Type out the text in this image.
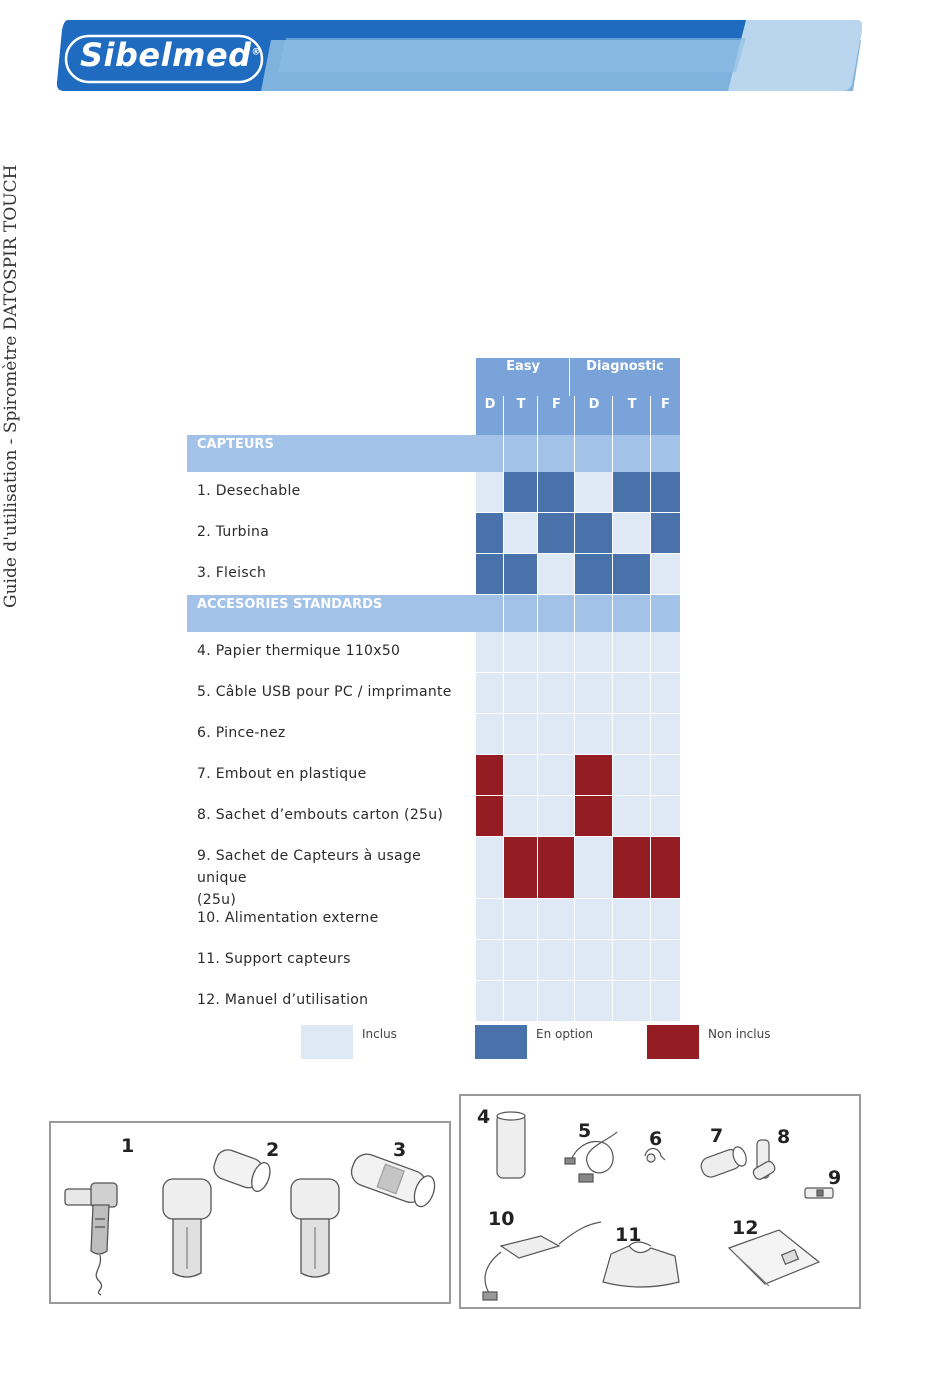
Sibelmed®
Guide d'utilisation - Spiromètre DATOSPIR TOUCH	Easy	Diagnostic
D	T	F	D	T	F
CAPTEURS
1. Desechable
2. Turbina
3. Fleisch
ACCESORIES STANDARDS
4. Papier thermique 110x50
5. Câble USB pour PC / imprimante
6. Pince-nez
7. Embout en plastique
8. Sachet d’embouts carton (25u)
9. Sachet de Capteurs à usage unique
(25u)
10. Alimentation externe
11. Support capteurs
12. Manuel d’utilisation
Inclus	En option	Non inclus
1	2	3
4
5	6	7	8
9
10
11	12
